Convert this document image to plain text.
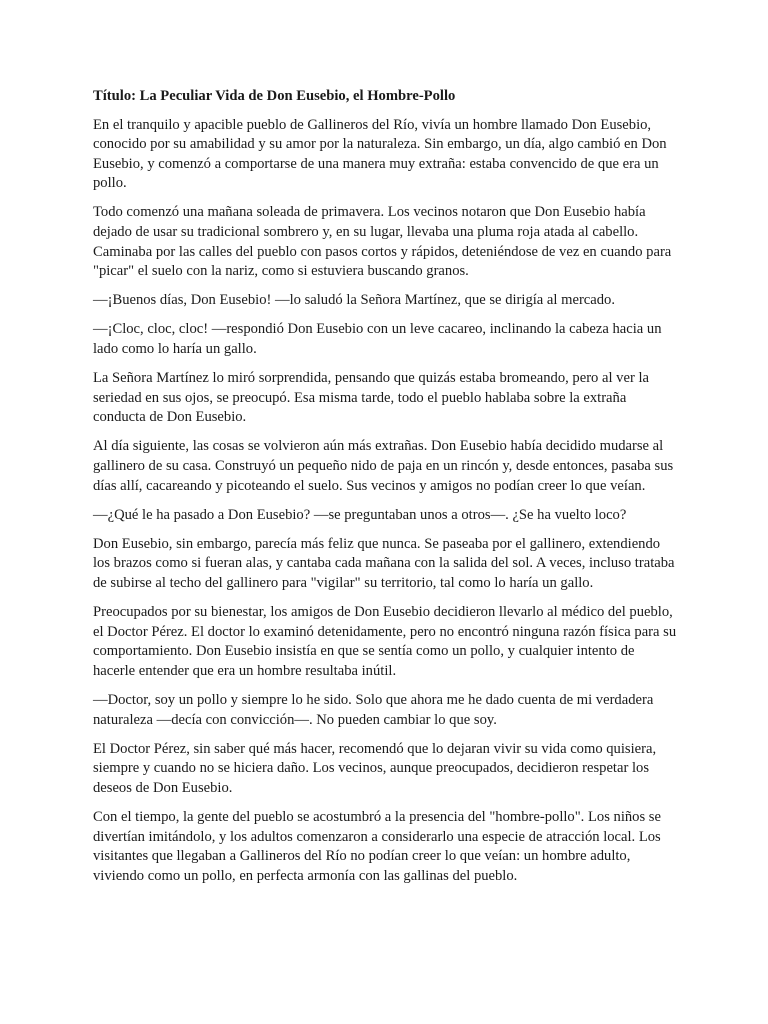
Título: La Peculiar Vida de Don Eusebio, el Hombre-Pollo
En el tranquilo y apacible pueblo de Gallineros del Río, vivía un hombre llamado Don Eusebio, conocido por su amabilidad y su amor por la naturaleza. Sin embargo, un día, algo cambió en Don Eusebio, y comenzó a comportarse de una manera muy extraña: estaba convencido de que era un pollo.
Todo comenzó una mañana soleada de primavera. Los vecinos notaron que Don Eusebio había dejado de usar su tradicional sombrero y, en su lugar, llevaba una pluma roja atada al cabello. Caminaba por las calles del pueblo con pasos cortos y rápidos, deteniéndose de vez en cuando para "picar" el suelo con la nariz, como si estuviera buscando granos.
—¡Buenos días, Don Eusebio! —lo saludó la Señora Martínez, que se dirigía al mercado.
—¡Cloc, cloc, cloc! —respondió Don Eusebio con un leve cacareo, inclinando la cabeza hacia un lado como lo haría un gallo.
La Señora Martínez lo miró sorprendida, pensando que quizás estaba bromeando, pero al ver la seriedad en sus ojos, se preocupó. Esa misma tarde, todo el pueblo hablaba sobre la extraña conducta de Don Eusebio.
Al día siguiente, las cosas se volvieron aún más extrañas. Don Eusebio había decidido mudarse al gallinero de su casa. Construyó un pequeño nido de paja en un rincón y, desde entonces, pasaba sus días allí, cacareando y picoteando el suelo. Sus vecinos y amigos no podían creer lo que veían.
—¿Qué le ha pasado a Don Eusebio? —se preguntaban unos a otros—. ¿Se ha vuelto loco?
Don Eusebio, sin embargo, parecía más feliz que nunca. Se paseaba por el gallinero, extendiendo los brazos como si fueran alas, y cantaba cada mañana con la salida del sol. A veces, incluso trataba de subirse al techo del gallinero para "vigilar" su territorio, tal como lo haría un gallo.
Preocupados por su bienestar, los amigos de Don Eusebio decidieron llevarlo al médico del pueblo, el Doctor Pérez. El doctor lo examinó detenidamente, pero no encontró ninguna razón física para su comportamiento. Don Eusebio insistía en que se sentía como un pollo, y cualquier intento de hacerle entender que era un hombre resultaba inútil.
—Doctor, soy un pollo y siempre lo he sido. Solo que ahora me he dado cuenta de mi verdadera naturaleza —decía con convicción—. No pueden cambiar lo que soy.
El Doctor Pérez, sin saber qué más hacer, recomendó que lo dejaran vivir su vida como quisiera, siempre y cuando no se hiciera daño. Los vecinos, aunque preocupados, decidieron respetar los deseos de Don Eusebio.
Con el tiempo, la gente del pueblo se acostumbró a la presencia del "hombre-pollo". Los niños se divertían imitándolo, y los adultos comenzaron a considerarlo una especie de atracción local. Los visitantes que llegaban a Gallineros del Río no podían creer lo que veían: un hombre adulto, viviendo como un pollo, en perfecta armonía con las gallinas del pueblo.
